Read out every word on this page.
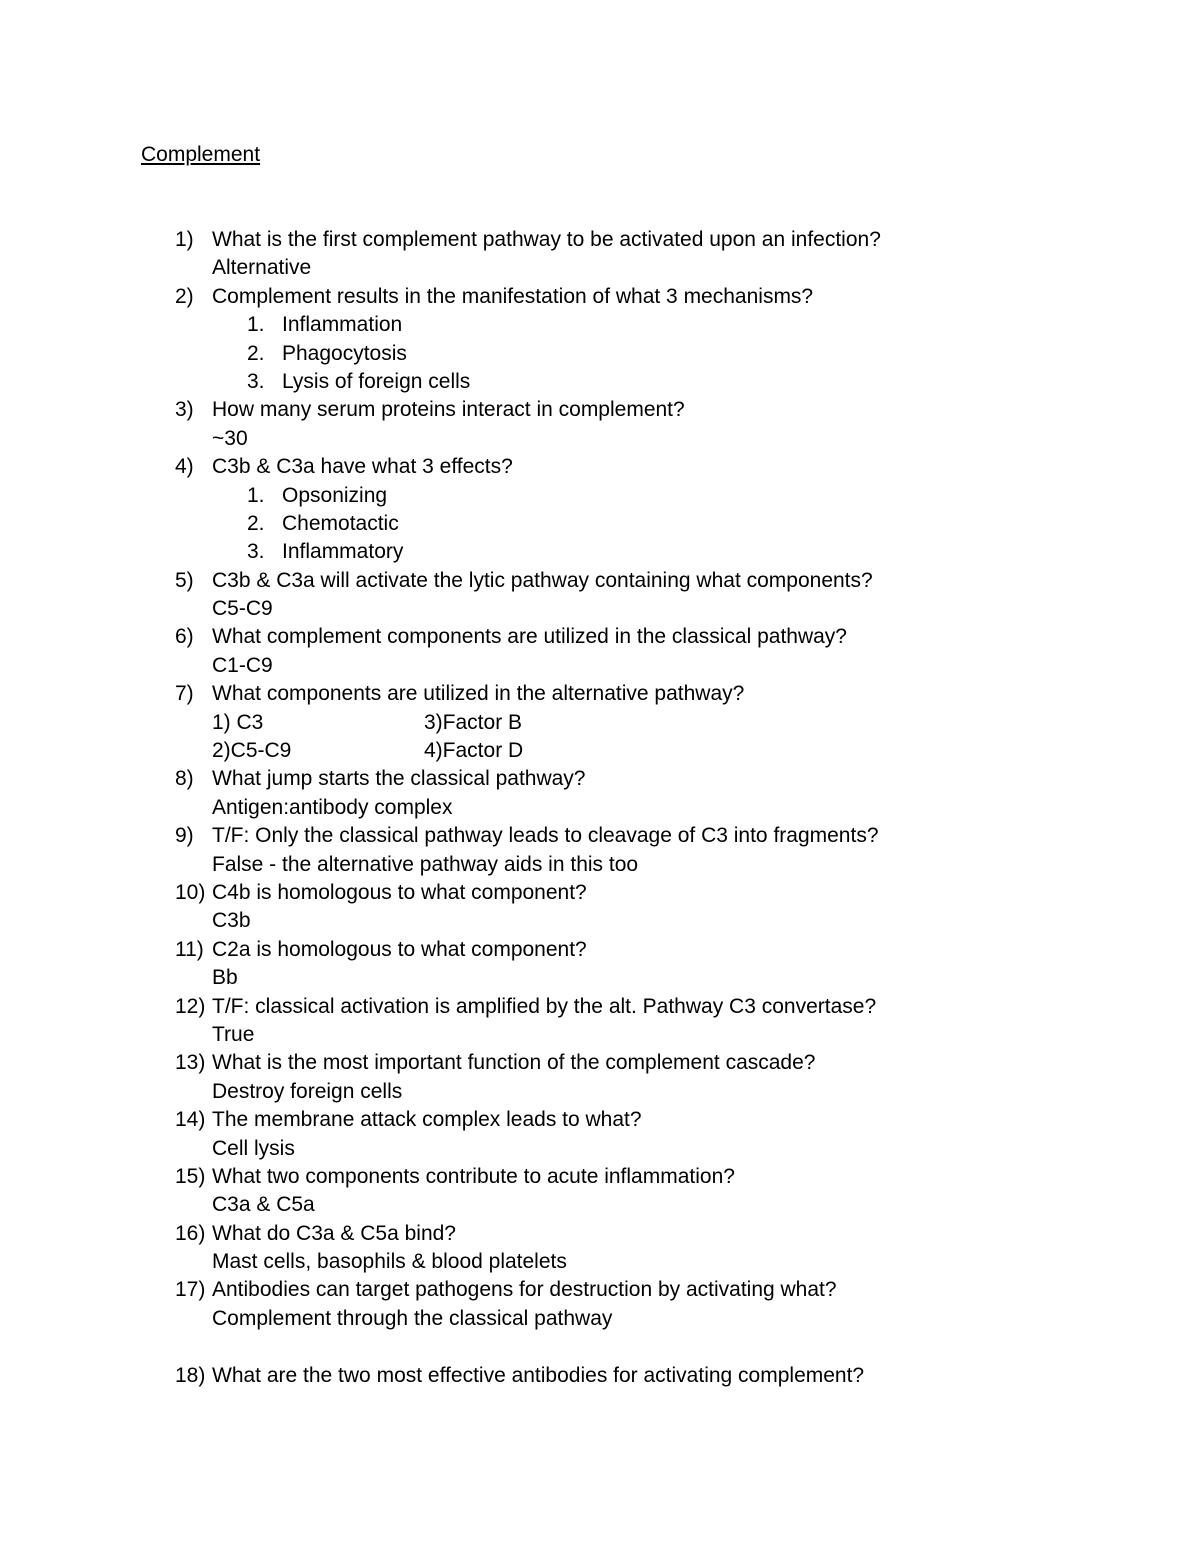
Complement
1) What is the first complement pathway to be activated upon an infection?
Alternative
2) Complement results in the manifestation of what 3 mechanisms?
1. Inflammation
2. Phagocytosis
3. Lysis of foreign cells
3) How many serum proteins interact in complement?
~30
4) C3b & C3a have what 3 effects?
1. Opsonizing
2. Chemotactic
3. Inflammatory
5) C3b & C3a will activate the lytic pathway containing what components?
C5-C9
6) What complement components are utilized in the classical pathway?
C1-C9
7) What components are utilized in the alternative pathway?
1) C3	3)Factor B
2)C5-C9	4)Factor D
8) What jump starts the classical pathway?
Antigen:antibody complex
9) T/F: Only the classical pathway leads to cleavage of C3 into fragments?
False - the alternative pathway aids in this too
10) C4b is homologous to what component?
C3b
11) C2a is homologous to what component?
Bb
12) T/F: classical activation is amplified by the alt. Pathway C3 convertase?
True
13) What is the most important function of the complement cascade?
Destroy foreign cells
14) The membrane attack complex leads to what?
Cell lysis
15) What two components contribute to acute inflammation?
C3a & C5a
16) What do C3a & C5a bind?
Mast cells, basophils & blood platelets
17) Antibodies can target pathogens for destruction by activating what?
Complement through the classical pathway
18) What are the two most effective antibodies for activating complement?
